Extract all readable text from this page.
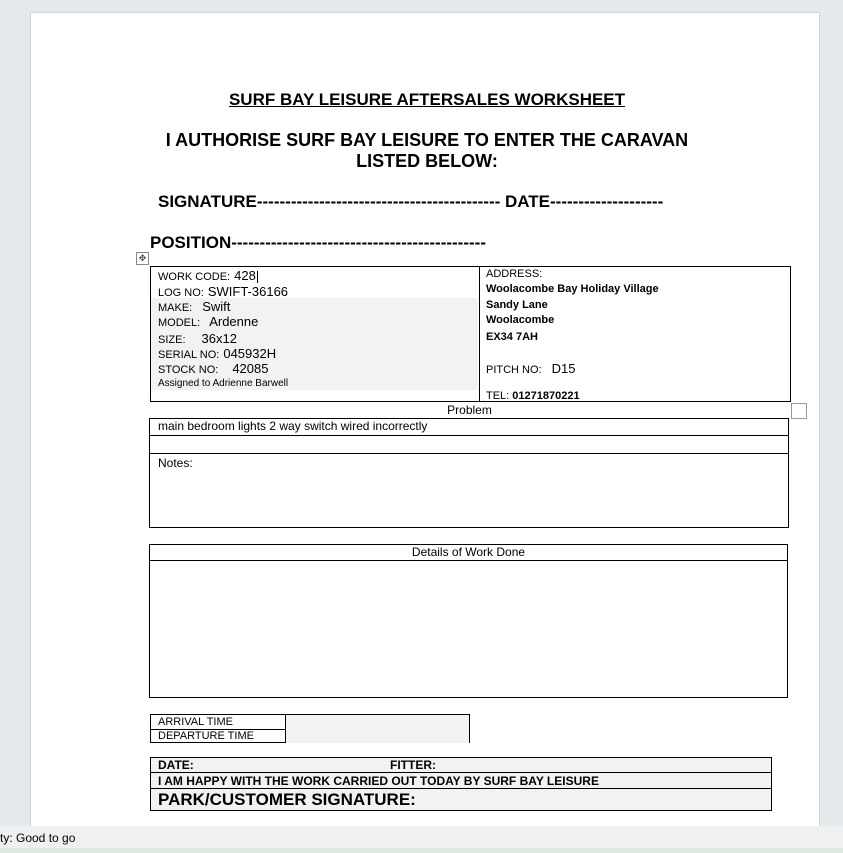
SURF BAY LEISURE AFTERSALES WORKSHEET
I AUTHORISE SURF BAY LEISURE TO ENTER THE CARAVAN
LISTED BELOW:
SIGNATURE------------------------------------------- DATE--------------------
POSITION---------------------------------------------
✥
WORK CODE: 428
LOG NO: SWIFT-36166
MAKE: Swift
MODEL: Ardenne
SIZE: 36x12
SERIAL NO: 045932H
STOCK NO: 42085
Assigned to Adrienne Barwell
ADDRESS:
Woolacombe Bay Holiday Village
Sandy Lane
Woolacombe
EX34 7AH
PITCH NO: D15
TEL: 01271870221
Problem
main bedroom lights 2 way switch wired incorrectly
Notes:
Details of Work Done
ARRIVAL TIME
DEPARTURE TIME
DATE:	FITTER:
I AM HAPPY WITH THE WORK CARRIED OUT TODAY BY SURF BAY LEISURE
PARK/CUSTOMER SIGNATURE:
ty: Good to go
